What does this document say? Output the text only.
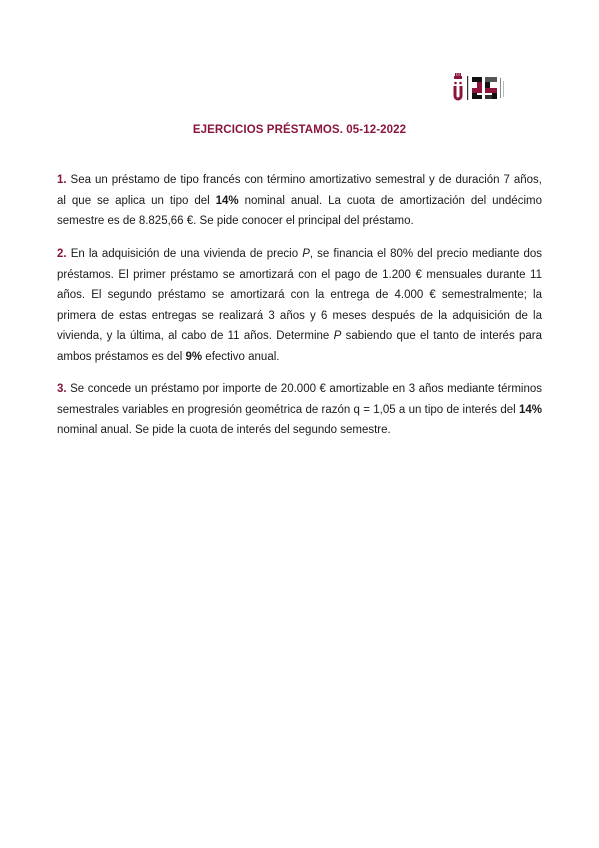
EJERCICIOS PRÉSTAMOS. 05-12-2022

1. Sea un préstamo de tipo francés con término amortizativo semestral y de duración 7 años, al que se aplica un tipo del 14% nominal anual. La cuota de amortización del undécimo semestre es de 8.825,66 €. Se pide conocer el principal del préstamo.

2. En la adquisición de una vivienda de precio P, se financia el 80% del precio mediante dos préstamos. El primer préstamo se amortizará con el pago de 1.200 € mensuales durante 11 años. El segundo préstamo se amortizará con la entrega de 4.000 € semestralmente; la primera de estas entregas se realizará 3 años y 6 meses después de la adquisición de la vivienda, y la última, al cabo de 11 años. Determine P sabiendo que el tanto de interés para ambos préstamos es del 9% efectivo anual.

3. Se concede un préstamo por importe de 20.000 € amortizable en 3 años mediante términos semestrales variables en progresión geométrica de razón q = 1,05 a un tipo de interés del 14% nominal anual. Se pide la cuota de interés del segundo semestre.
